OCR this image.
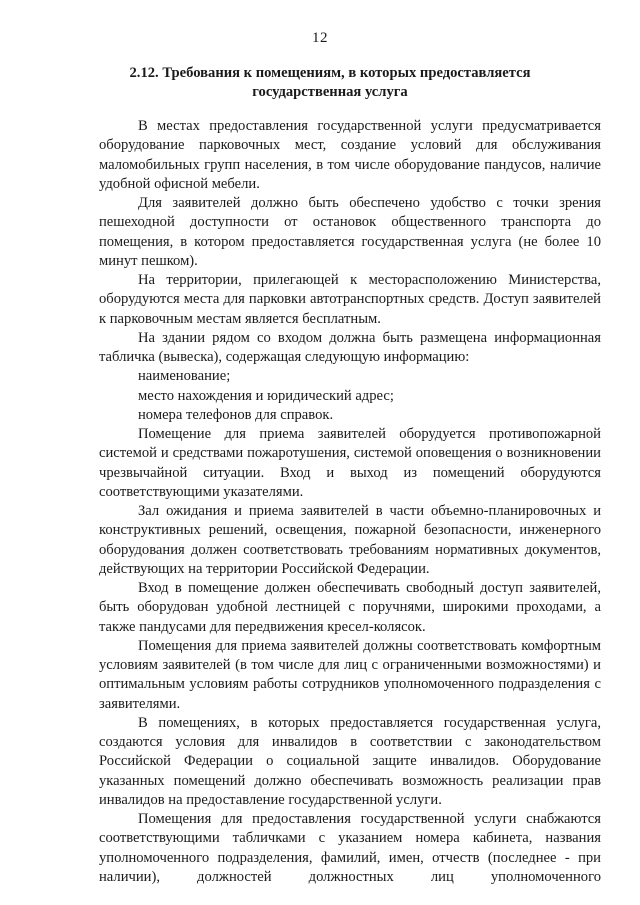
12
2.12. Требования к помещениям, в которых предоставляется
государственная услуга

В местах предоставления государственной услуги предусматривается оборудование парковочных мест, создание условий для обслуживания маломобильных групп населения, в том числе оборудование пандусов, наличие удобной офисной мебели.

Для заявителей должно быть обеспечено удобство с точки зрения пешеходной доступности от остановок общественного транспорта до помещения, в котором предоставляется государственная услуга (не более 10 минут пешком).

На территории, прилегающей к месторасположению Министерства, оборудуются места для парковки автотранспортных средств. Доступ заявителей к парковочным местам является бесплатным.

На здании рядом со входом должна быть размещена информационная табличка (вывеска), содержащая следующую информацию:

наименование;

место нахождения и юридический адрес;

номера телефонов для справок.

Помещение для приема заявителей оборудуется противопожарной системой и средствами пожаротушения, системой оповещения о возникновении чрезвычайной ситуации. Вход и выход из помещений оборудуются соответствующими указателями.

Зал ожидания и приема заявителей в части объемно-планировочных и конструктивных решений, освещения, пожарной безопасности, инженерного оборудования должен соответствовать требованиям нормативных документов, действующих на территории Российской Федерации.

Вход в помещение должен обеспечивать свободный доступ заявителей, быть оборудован удобной лестницей с поручнями, широкими проходами, а также пандусами для передвижения кресел-колясок.

Помещения для приема заявителей должны соответствовать комфортным условиям заявителей (в том числе для лиц с ограниченными возможностями) и оптимальным условиям работы сотрудников уполномоченного подразделения с заявителями.

В помещениях, в которых предоставляется государственная услуга, создаются условия для инвалидов в соответствии с законодательством Российской Федерации о социальной защите инвалидов. Оборудование указанных помещений должно обеспечивать возможность реализации прав инвалидов на предоставление государственной услуги.

Помещения для предоставления государственной услуги снабжаются соответствующими табличками с указанием номера кабинета, названия уполномоченного подразделения, фамилий, имен, отчеств (последнее - при наличии), должностей должностных лиц уполномоченного
